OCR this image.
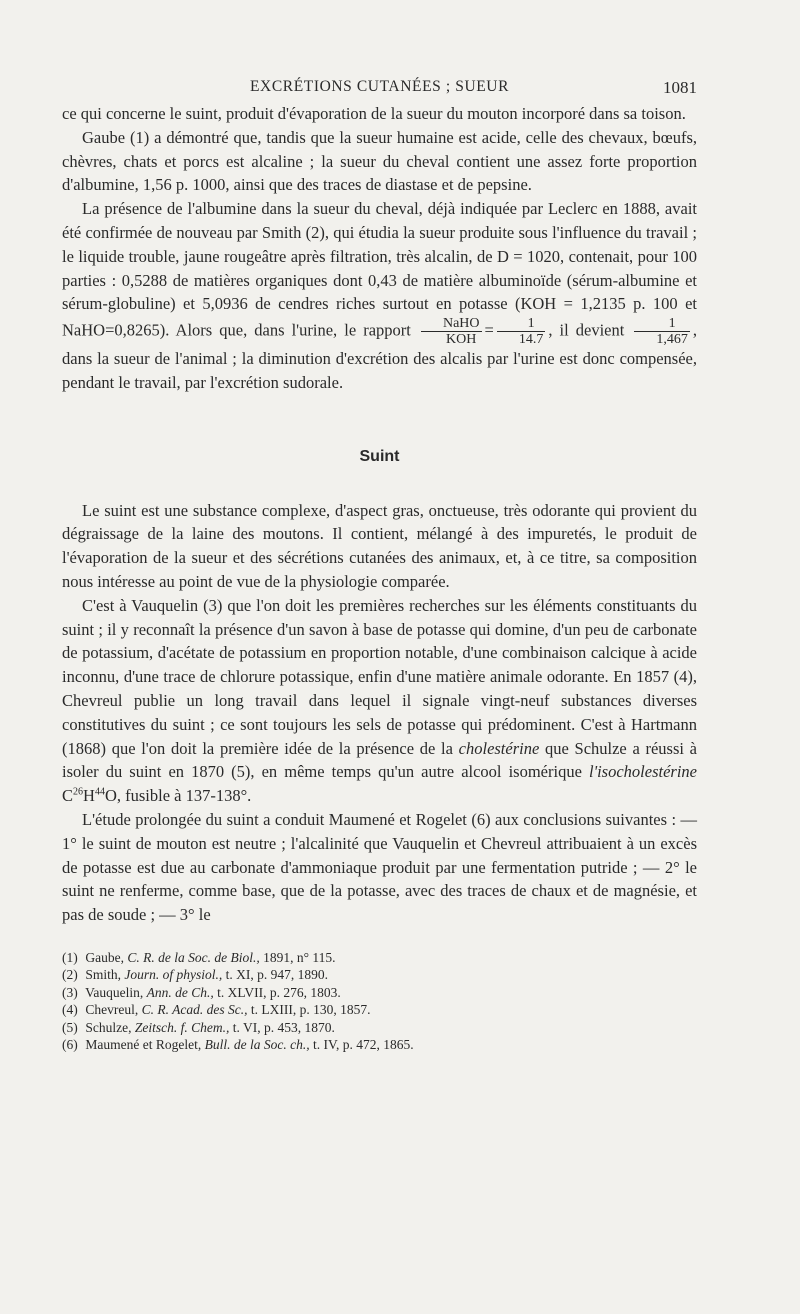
EXCRÉTIONS CUTANÉES ; SUEUR	1081

ce qui concerne le suint, produit d'évaporation de la sueur du mouton incorporé dans sa toison.

Gaube (1) a démontré que, tandis que la sueur humaine est acide, celle des chevaux, bœufs, chèvres, chats et porcs est alcaline ; la sueur du cheval contient une assez forte proportion d'albumine, 1,56 p. 1000, ainsi que des traces de diastase et de pepsine.

La présence de l'albumine dans la sueur du cheval, déjà indiquée par Leclerc en 1888, avait été confirmée de nouveau par Smith (2), qui étudia la sueur produite sous l'influence du travail ; le liquide trouble, jaune rougeâtre après filtration, très alcalin, de D = 1020, contenait, pour 100 parties : 0,5288 de matières organiques dont 0,43 de matière albuminoïde (sérum-albumine et sérum-globuline) et 5,0936 de cendres riches surtout en potasse (KOH = 1,2135 p. 100 et NaHO=0,8265). Alors que, dans l'urine, le rapport $\frac{\text{NaHO}}{\text{KOH}} = \frac{1}{14.7}$ , il devient $\frac{1}{1,467}$ , dans la sueur de l'animal ; la diminution d'excrétion des alcalis par l'urine est donc compensée, pendant le travail, par l'excrétion sudorale.

Suint

Le suint est une substance complexe, d'aspect gras, onctueuse, très odorante qui provient du dégraissage de la laine des moutons. Il contient, mélangé à des impuretés, le produit de l'évaporation de la sueur et des sécrétions cutanées des animaux, et, à ce titre, sa composition nous intéresse au point de vue de la physiologie comparée.

C'est à Vauquelin (3) que l'on doit les premières recherches sur les éléments constituants du suint ; il y reconnaît la présence d'un savon à base de potasse qui domine, d'un peu de carbonate de potassium, d'acétate de potassium en proportion notable, d'une combinaison calcique à acide inconnu, d'une trace de chlorure potassique, enfin d'une matière animale odorante. En 1857 (4), Chevreul publie un long travail dans lequel il signale vingt-neuf substances diverses constitutives du suint ; ce sont toujours les sels de potasse qui prédominent. C'est à Hartmann (1868) que l'on doit la première idée de la présence de la cholestérine que Schulze a réussi à isoler du suint en 1870 (5), en même temps qu'un autre alcool isomérique l'isocholestérine $C^{26}H^{44}O$, fusible à 137-138°.

L'étude prolongée du suint a conduit Maumené et Rogelet (6) aux conclusions suivantes : — 1° le suint de mouton est neutre ; l'alcalinité que Vauquelin et Chevreul attribuaient à un excès de potasse est due au carbonate d'ammoniaque produit par une fermentation putride ; — 2° le suint ne renferme, comme base, que de la potasse, avec des traces de chaux et de magnésie, et pas de soude ; — 3° le

(1) Gaube, C. R. de la Soc. de Biol., 1891, n° 115.
(2) Smith, Journ. of physiol., t. XI, p. 947, 1890.
(3) Vauquelin, Ann. de Ch., t. XLVII, p. 276, 1803.
(4) Chevreul, C. R. Acad. des Sc., t. LXIII, p. 130, 1857.
(5) Schulze, Zeitsch. f. Chem., t. VI, p. 453, 1870.
(6) Maumené et Rogelet, Bull. de la Soc. ch., t. IV, p. 472, 1865.
